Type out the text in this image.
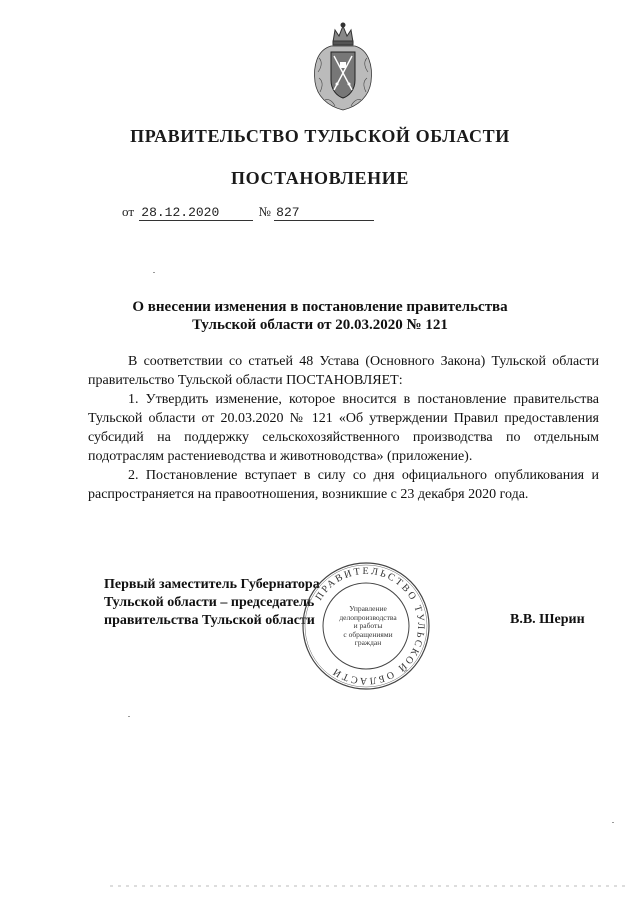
ПРАВИТЕЛЬСТВО ТУЛЬСКОЙ ОБЛАСТИ
ПОСТАНОВЛЕНИЕ
от 28.12.2020	№ 827
О внесении изменения в постановление правительства
Тульской области от 20.03.2020 № 121

В соответствии со статьей 48 Устава (Основного Закона) Тульской области правительство Тульской области ПОСТАНОВЛЯЕТ:

1. Утвердить изменение, которое вносится в постановление правительства Тульской области от 20.03.2020 № 121 «Об утверждении Правил предоставления субсидий на поддержку сельскохозяйственного производства по отдельным подотраслям растениеводства и животноводства» (приложение).

2. Постановление вступает в силу со дня официального опубликования и распространяется на правоотношения, возникшие с 23 декабря 2020 года.

Первый заместитель Губернатора
Тульской области – председатель
правительства Тульской области	В.В. Шерин
ПРАВИТЕЛЬСТВО ТУЛЬСКОЙ ОБЛАСТИ
Управление
делопроизводства
и работы
с обращениями
граждан
